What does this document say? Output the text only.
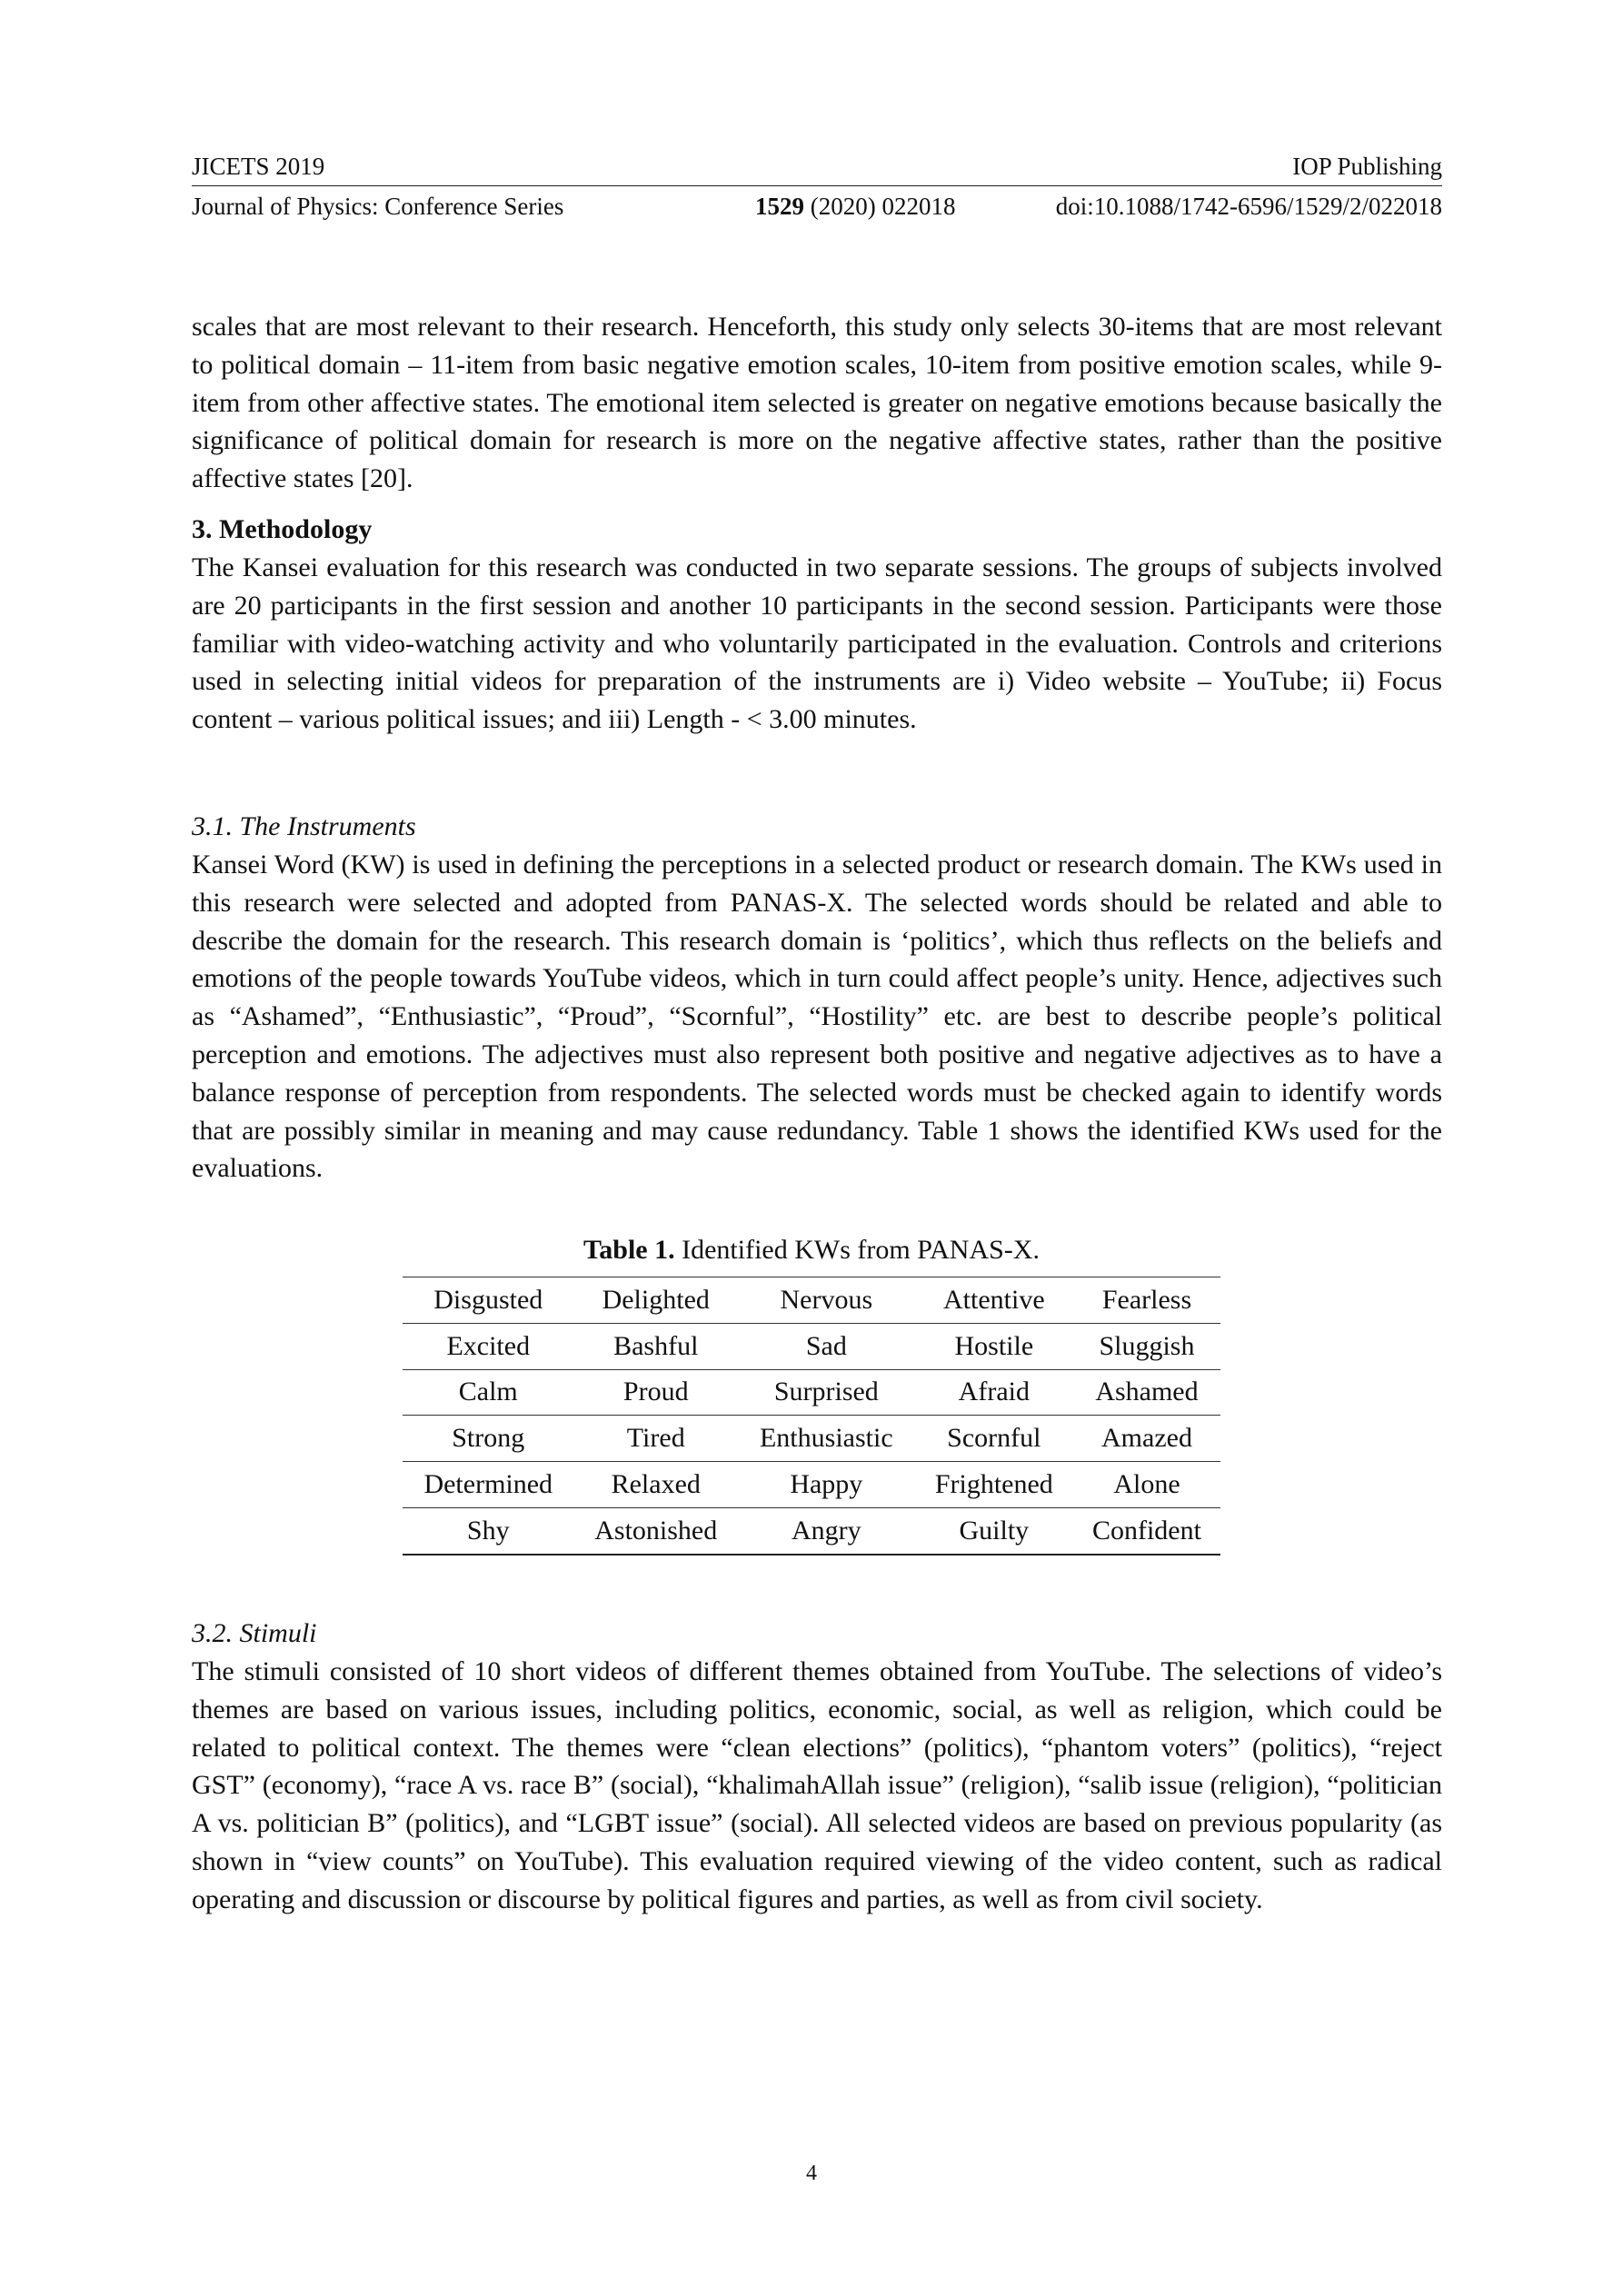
JICETS 2019	IOP Publishing
Journal of Physics: Conference Series	1529 (2020) 022018	doi:10.1088/1742-6596/1529/2/022018
scales that are most relevant to their research. Henceforth, this study only selects 30-items that are most relevant to political domain – 11-item from basic negative emotion scales, 10-item from positive emotion scales, while 9-item from other affective states. The emotional item selected is greater on negative emotions because basically the significance of political domain for research is more on the negative affective states, rather than the positive affective states [20].
3. Methodology
The Kansei evaluation for this research was conducted in two separate sessions. The groups of subjects involved are 20 participants in the first session and another 10 participants in the second session. Participants were those familiar with video-watching activity and who voluntarily participated in the evaluation. Controls and criterions used in selecting initial videos for preparation of the instruments are i) Video website – YouTube; ii) Focus content – various political issues; and iii) Length - < 3.00 minutes.
3.1. The Instruments
Kansei Word (KW) is used in defining the perceptions in a selected product or research domain. The KWs used in this research were selected and adopted from PANAS-X. The selected words should be related and able to describe the domain for the research. This research domain is ‘politics’, which thus reflects on the beliefs and emotions of the people towards YouTube videos, which in turn could affect people’s unity. Hence, adjectives such as “Ashamed”, “Enthusiastic”, “Proud”, “Scornful”, “Hostility” etc. are best to describe people’s political perception and emotions. The adjectives must also represent both positive and negative adjectives as to have a balance response of perception from respondents. The selected words must be checked again to identify words that are possibly similar in meaning and may cause redundancy. Table 1 shows the identified KWs used for the evaluations.
Table 1. Identified KWs from PANAS-X.
Disgusted	Delighted	Nervous	Attentive	Fearless
Excited	Bashful	Sad	Hostile	Sluggish
Calm	Proud	Surprised	Afraid	Ashamed
Strong	Tired	Enthusiastic	Scornful	Amazed
Determined	Relaxed	Happy	Frightened	Alone
Shy	Astonished	Angry	Guilty	Confident
3.2. Stimuli
The stimuli consisted of 10 short videos of different themes obtained from YouTube. The selections of video’s themes are based on various issues, including politics, economic, social, as well as religion, which could be related to political context. The themes were “clean elections” (politics), “phantom voters” (politics), “reject GST” (economy), “race A vs. race B” (social), “khalimahAllah issue” (religion), “salib issue (religion), “politician A vs. politician B” (politics), and “LGBT issue” (social). All selected videos are based on previous popularity (as shown in “view counts” on YouTube). This evaluation required viewing of the video content, such as radical operating and discussion or discourse by political figures and parties, as well as from civil society.
4
